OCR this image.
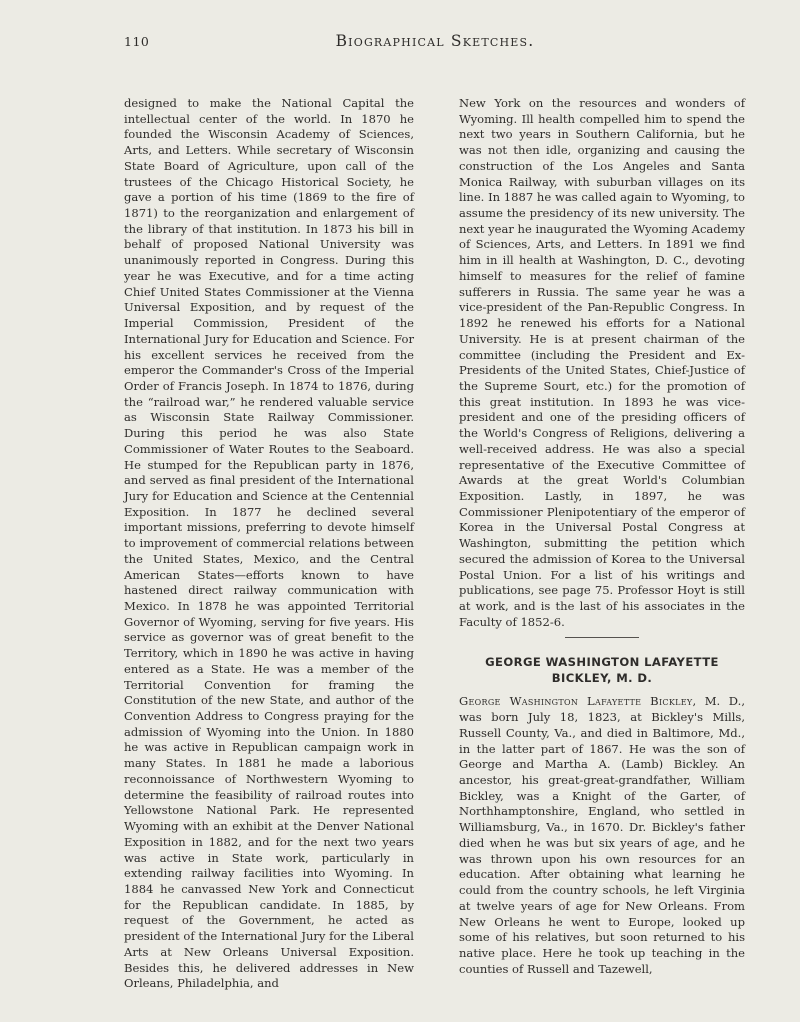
110	Biographical Sketches.

designed to make the National Capital the intellectual center of the world. In 1870 he founded the Wisconsin Academy of Sciences, Arts, and Letters. While secretary of Wisconsin State Board of Agriculture, upon call of the trustees of the Chicago Historical Society, he gave a portion of his time (1869 to the fire of 1871) to the reorganization and enlargement of the library of that institution. In 1873 his bill in behalf of proposed National University was unanimously reported in Congress. During this year he was Executive, and for a time acting Chief United States Commissioner at the Vienna Universal Exposition, and by request of the Imperial Commission, President of the International Jury for Education and Science. For his excellent services he received from the emperor the Commander's Cross of the Imperial Order of Francis Joseph. In 1874 to 1876, during the “railroad war,” he rendered valuable service as Wisconsin State Railway Commissioner. During this period he was also State Commissioner of Water Routes to the Seaboard. He stumped for the Republican party in 1876, and served as final president of the International Jury for Education and Science at the Centennial Exposition. In 1877 he declined several important missions, preferring to devote himself to improvement of commercial relations between the United States, Mexico, and the Central American States—efforts known to have hastened direct railway communication with Mexico. In 1878 he was appointed Territorial Governor of Wyoming, serving for five years. His service as governor was of great benefit to the Territory, which in 1890 he was active in having entered as a State. He was a member of the Territorial Convention for framing the Constitution of the new State, and author of the Convention Address to Congress praying for the admission of Wyoming into the Union. In 1880 he was active in Republican campaign work in many States. In 1881 he made a laborious reconnoissance of Northwestern Wyoming to determine the feasibility of railroad routes into Yellowstone National Park. He represented Wyoming with an exhibit at the Denver National Exposition in 1882, and for the next two years was active in State work, particularly in extending railway facilities into Wyoming. In 1884 he canvassed New York and Connecticut for the Republican candidate. In 1885, by request of the Government, he acted as president of the International Jury for the Liberal Arts at New Orleans Universal Exposition. Besides this, he delivered addresses in New Orleans, Philadelphia, and

New York on the resources and wonders of Wyoming. Ill health compelled him to spend the next two years in Southern California, but he was not then idle, organizing and causing the construction of the Los Angeles and Santa Monica Railway, with suburban villages on its line. In 1887 he was called again to Wyoming, to assume the presidency of its new university. The next year he inaugurated the Wyoming Academy of Sciences, Arts, and Letters. In 1891 we find him in ill health at Washington, D. C., devoting himself to measures for the relief of famine sufferers in Russia. The same year he was a vice-president of the Pan-Republic Congress. In 1892 he renewed his efforts for a National University. He is at present chairman of the committee (including the President and Ex-Presidents of the United States, Chief-Justice of the Supreme Sourt, etc.) for the promotion of this great institution. In 1893 he was vice-president and one of the presiding officers of the World's Congress of Religions, delivering a well-received address. He was also a special representative of the Executive Committee of Awards at the great World's Columbian Exposition. Lastly, in 1897, he was Commissioner Plenipotentiary of the emperor of Korea in the Universal Postal Congress at Washington, submitting the petition which secured the admission of Korea to the Universal Postal Union. For a list of his writings and publications, see page 75. Professor Hoyt is still at work, and is the last of his associates in the Faculty of 1852-6.

GEORGE WASHINGTON LAFAYETTE BICKLEY, M. D.

George Washington Lafayette Bickley, M. D., was born July 18, 1823, at Bickley's Mills, Russell County, Va., and died in Baltimore, Md., in the latter part of 1867. He was the son of George and Martha A. (Lamb) Bickley. An ancestor, his great-great-grandfather, William Bickley, was a Knight of the Garter, of Northhamptonshire, England, who settled in Williamsburg, Va., in 1670. Dr. Bickley's father died when he was but six years of age, and he was thrown upon his own resources for an education. After obtaining what learning he could from the country schools, he left Virginia at twelve years of age for New Orleans. From New Orleans he went to Europe, looked up some of his relatives, but soon returned to his native place. Here he took up teaching in the counties of Russell and Tazewell,
